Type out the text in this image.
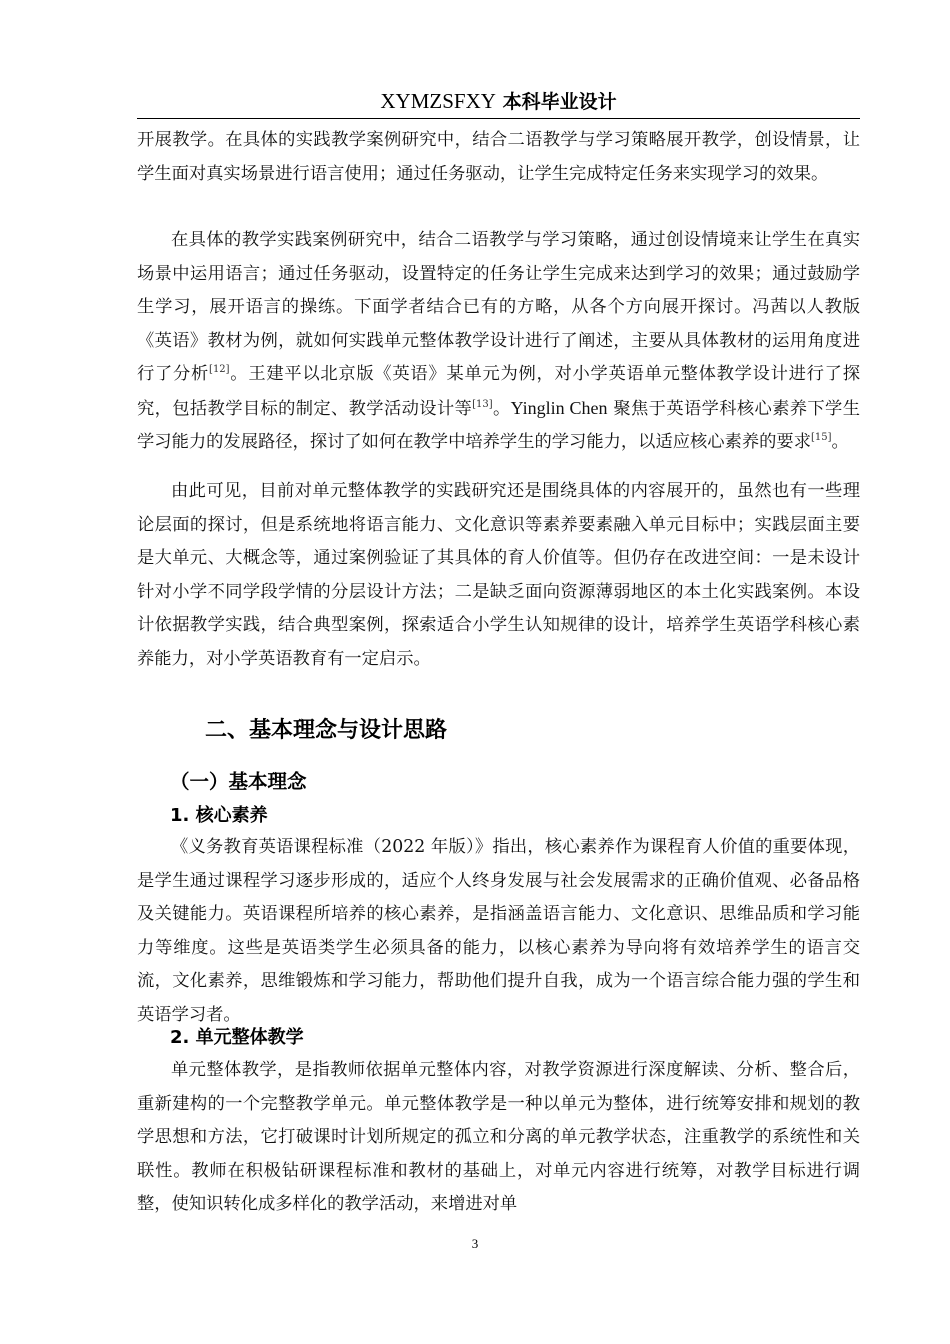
XYMZSFXY 本科毕业设计

开展教学。在具体的实践教学案例研究中，结合二语教学与学习策略展开教学，创设情景，让学生面对真实场景进行语言使用；通过任务驱动，让学生完成特定任务来实现学习的效果。

在具体的教学实践案例研究中，结合二语教学与学习策略，通过创设情境来让学生在真实场景中运用语言；通过任务驱动，设置特定的任务让学生完成来达到学习的效果；通过鼓励学生学习，展开语言的操练。下面学者结合已有的方略，从各个方向展开探讨。冯茜以人教版《英语》教材为例，就如何实践单元整体教学设计进行了阐述，主要从具体教材的运用角度进行了分析[12]。王建平以北京版《英语》某单元为例，对小学英语单元整体教学设计进行了探究，包括教学目标的制定、教学活动设计等[13]。Yinglin Chen 聚焦于英语学科核心素养下学生学习能力的发展路径，探讨了如何在教学中培养学生的学习能力，以适应核心素养的要求[15]。

由此可见，目前对单元整体教学的实践研究还是围绕具体的内容展开的，虽然也有一些理论层面的探讨，但是系统地将语言能力、文化意识等素养要素融入单元目标中；实践层面主要是大单元、大概念等，通过案例验证了其具体的育人价值等。但仍存在改进空间：一是未设计针对小学不同学段学情的分层设计方法；二是缺乏面向资源薄弱地区的本土化实践案例。本设计依据教学实践，结合典型案例，探索适合小学生认知规律的设计，培养学生英语学科核心素养能力，对小学英语教育有一定启示。

二、基本理念与设计思路
（一）基本理念
1. 核心素养

《义务教育英语课程标准（2022 年版）》指出，核心素养作为课程育人价值的重要体现，是学生通过课程学习逐步形成的，适应个人终身发展与社会发展需求的正确价值观、必备品格及关键能力。英语课程所培养的核心素养，是指涵盖语言能力、文化意识、思维品质和学习能力等维度。这些是英语类学生必须具备的能力，以核心素养为导向将有效培养学生的语言交流，文化素养，思维锻炼和学习能力，帮助他们提升自我，成为一个语言综合能力强的学生和英语学习者。

2. 单元整体教学

单元整体教学，是指教师依据单元整体内容，对教学资源进行深度解读、分析、整合后，重新建构的一个完整教学单元。单元整体教学是一种以单元为整体，进行统筹安排和规划的教学思想和方法，它打破课时计划所规定的孤立和分离的单元教学状态，注重教学的系统性和关联性。教师在积极钻研课程标准和教材的基础上，对单元内容进行统筹，对教学目标进行调整，使知识转化成多样化的教学活动，来增进对单

3
